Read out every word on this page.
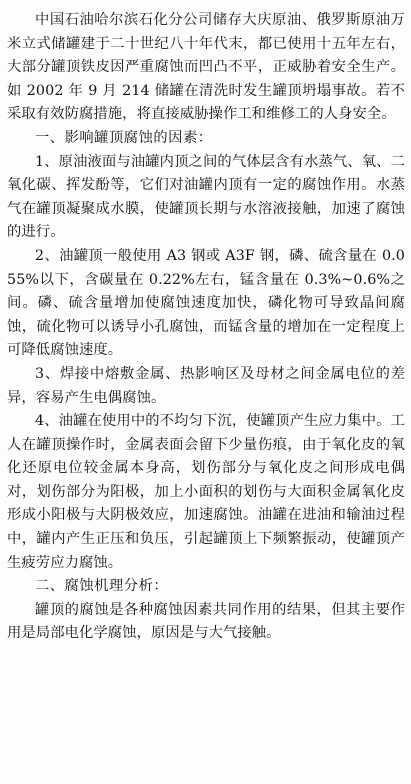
中国石油哈尔滨石化分公司储存大庆原油、俄罗斯原油万米立式储罐建于二十世纪八十年代末，都已使用十五年左右，大部分罐顶铁皮因严重腐蚀而凹凸不平，正威胁着安全生产。如 2002 年 9 月 214 储罐在清洗时发生罐顶坍塌事故。若不采取有效防腐措施，将直接威胁操作工和维修工的人身安全。

一、影响罐顶腐蚀的因素：

1、原油液面与油罐内顶之间的气体层含有水蒸气、氧、二氧化碳、挥发酚等，它们对油罐内顶有一定的腐蚀作用。水蒸气在罐顶凝聚成水膜，使罐顶长期与水溶液接触，加速了腐蚀的进行。

2、油罐顶一般使用 A3 钢或 A3F 钢，磷、硫含量在 0.055%以下，含碳量在 0.22%左右，锰含量在 0.3%~0.6%之间。磷、硫含量增加使腐蚀速度加快，磷化物可导致晶间腐蚀，硫化物可以诱导小孔腐蚀，而锰含量的增加在一定程度上可降低腐蚀速度。

3、焊接中熔敷金属、热影响区及母材之间金属电位的差异，容易产生电偶腐蚀。

4、油罐在使用中的不均匀下沉，使罐顶产生应力集中。工人在罐顶操作时，金属表面会留下少量伤痕，由于氧化皮的氧化还原电位较金属本身高，划伤部分与氧化皮之间形成电偶对，划伤部分为阳极，加上小面积的划伤与大面积金属氧化皮形成小阳极与大阴极效应，加速腐蚀。油罐在进油和输油过程中，罐内产生正压和负压，引起罐顶上下频繁振动，使罐顶产生疲劳应力腐蚀。

二、腐蚀机理分析：

罐顶的腐蚀是各种腐蚀因素共同作用的结果，但其主要作用是局部电化学腐蚀，原因是与大气接触。
